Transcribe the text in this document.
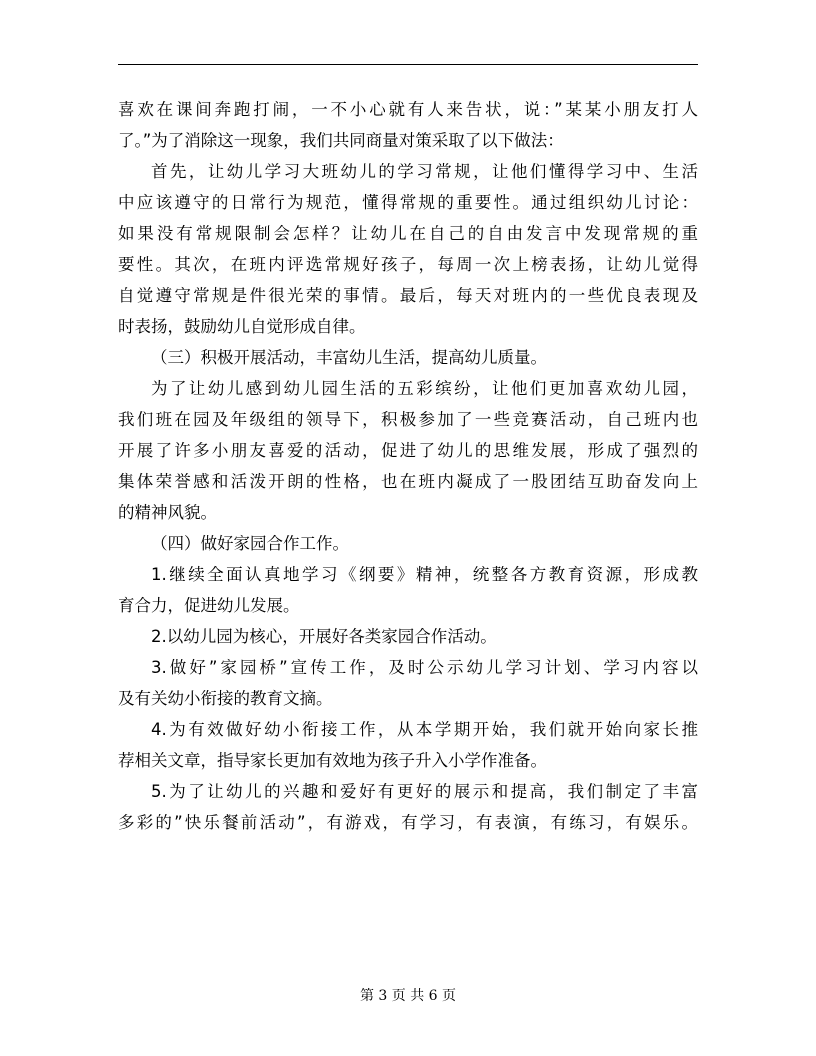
喜欢在课间奔跑打闹，一不小心就有人来告状，说：”某某小朋友打人
了。”为了消除这一现象，我们共同商量对策采取了以下做法：
首先，让幼儿学习大班幼儿的学习常规，让他们懂得学习中、生活
中应该遵守的日常行为规范，懂得常规的重要性。通过组织幼儿讨论：
如果没有常规限制会怎样？让幼儿在自己的自由发言中发现常规的重
要性。其次，在班内评选常规好孩子，每周一次上榜表扬，让幼儿觉得
自觉遵守常规是件很光荣的事情。最后，每天对班内的一些优良表现及
时表扬，鼓励幼儿自觉形成自律。
（三）积极开展活动，丰富幼儿生活，提高幼儿质量。
为了让幼儿感到幼儿园生活的五彩缤纷，让他们更加喜欢幼儿园，
我们班在园及年级组的领导下，积极参加了一些竞赛活动，自己班内也
开展了许多小朋友喜爱的活动，促进了幼儿的思维发展，形成了强烈的
集体荣誉感和活泼开朗的性格，也在班内凝成了一股团结互助奋发向上
的精神风貌。
（四）做好家园合作工作。
1.继续全面认真地学习《纲要》精神，统整各方教育资源，形成教
育合力，促进幼儿发展。
2.以幼儿园为核心，开展好各类家园合作活动。
3.做好”家园桥”宣传工作，及时公示幼儿学习计划、学习内容以
及有关幼小衔接的教育文摘。
4.为有效做好幼小衔接工作，从本学期开始，我们就开始向家长推
荐相关文章，指导家长更加有效地为孩子升入小学作准备。
5.为了让幼儿的兴趣和爱好有更好的展示和提高，我们制定了丰富
多彩的”快乐餐前活动”，有游戏，有学习，有表演，有练习，有娱乐。
第 3 页 共 6 页
